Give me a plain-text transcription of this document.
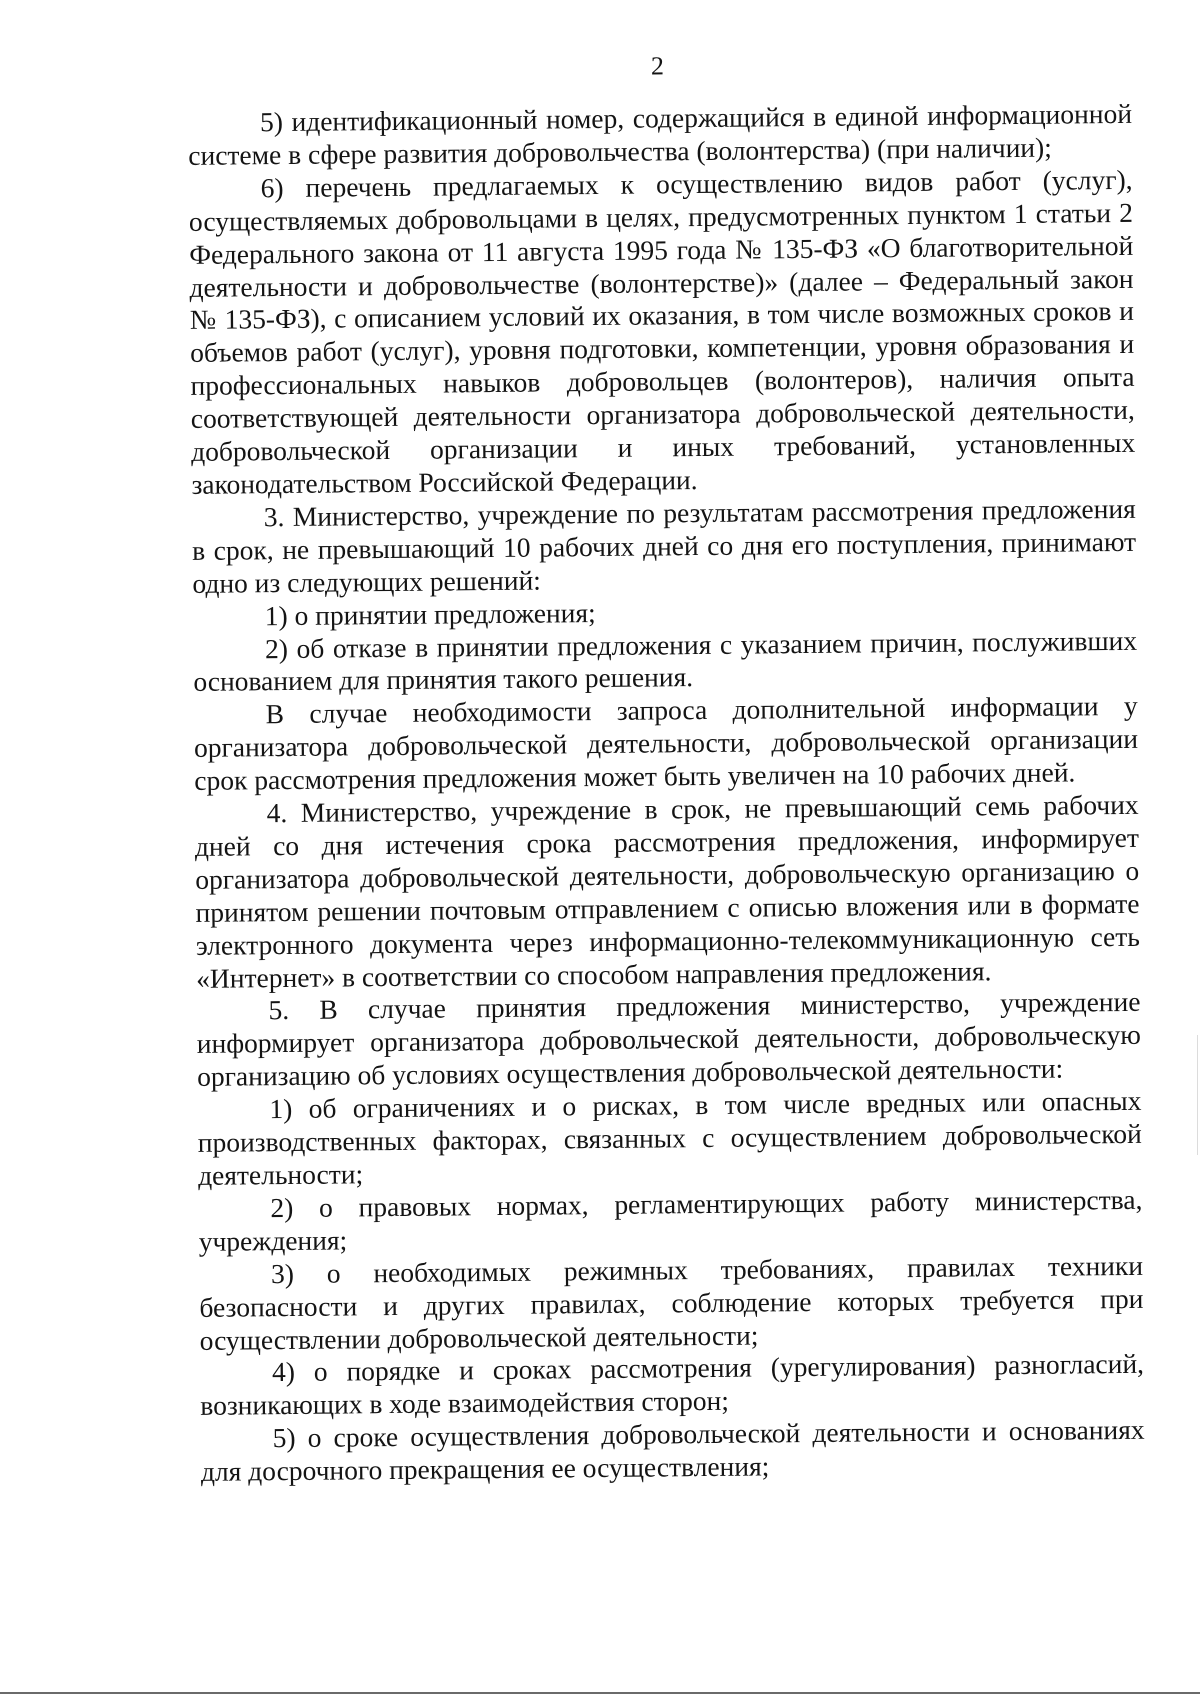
2

5) идентификационный номер, содержащийся в единой информационной системе в сфере развития добровольчества (волонтерства) (при наличии);

6) перечень предлагаемых к осуществлению видов работ (услуг), осуществляемых добровольцами в целях, предусмотренных пунктом 1 статьи 2 Федерального закона от 11 августа 1995 года № 135-ФЗ «О благотворительной деятельности и добровольчестве (волонтерстве)» (далее – Федеральный закон № 135-ФЗ), с описанием условий их оказания, в том числе возможных сроков и объемов работ (услуг), уровня подготовки, компетенции, уровня образования и профессиональных навыков добровольцев (волонтеров), наличия опыта соответствующей деятельности организатора добровольческой деятельности, добровольческой организации и иных требований, установленных законодательством Российской Федерации.

3. Министерство, учреждение по результатам рассмотрения предложения в срок, не превышающий 10 рабочих дней со дня его поступления, принимают одно из следующих решений:

1) о принятии предложения;

2) об отказе в принятии предложения с указанием причин, послуживших основанием для принятия такого решения.

В случае необходимости запроса дополнительной информации у организатора добровольческой деятельности, добровольческой организации срок рассмотрения предложения может быть увеличен на 10 рабочих дней.

4. Министерство, учреждение в срок, не превышающий семь рабочих дней со дня истечения срока рассмотрения предложения, информирует организатора добровольческой деятельности, добровольческую организацию о принятом решении почтовым отправлением с описью вложения или в формате электронного документа через информационно-телекоммуникационную сеть «Интернет» в соответствии со способом направления предложения.

5. В случае принятия предложения министерство, учреждение информирует организатора добровольческой деятельности, добровольческую организацию об условиях осуществления добровольческой деятельности:

1) об ограничениях и о рисках, в том числе вредных или опасных производственных факторах, связанных с осуществлением добровольческой деятельности;

2) о правовых нормах, регламентирующих работу министерства, учреждения;

3) о необходимых режимных требованиях, правилах техники безопасности и других правилах, соблюдение которых требуется при осуществлении добровольческой деятельности;

4) о порядке и сроках рассмотрения (урегулирования) разногласий, возникающих в ходе взаимодействия сторон;

5) о сроке осуществления добровольческой деятельности и основаниях для досрочного прекращения ее осуществления;
